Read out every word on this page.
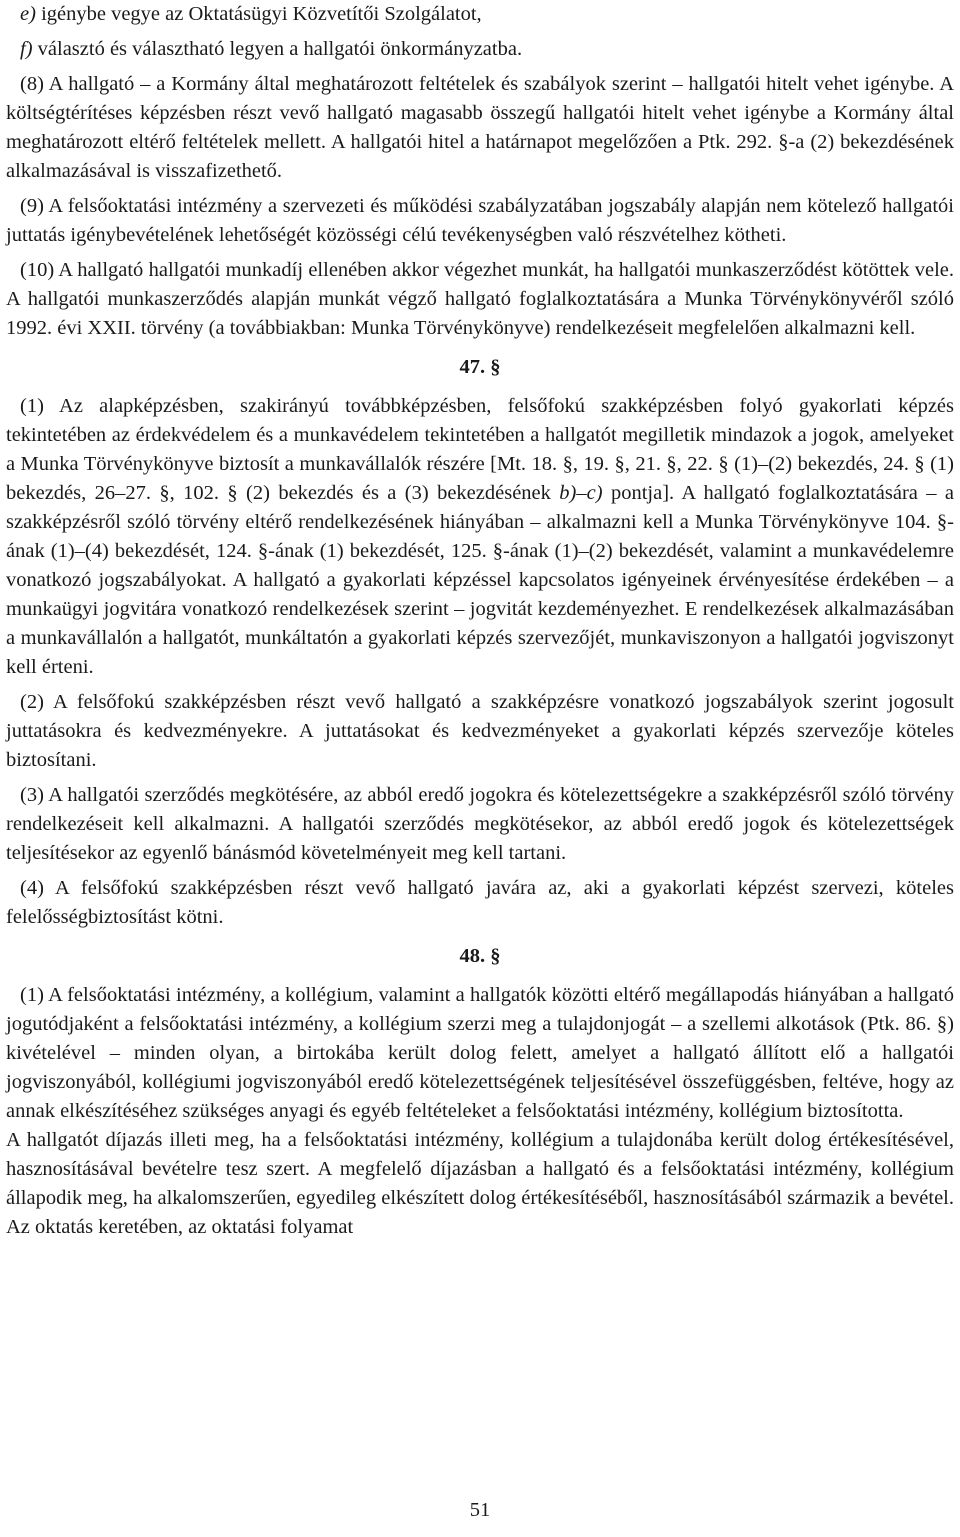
e) igénybe vegye az Oktatásügyi Közvetítői Szolgálatot,

f) választó és választható legyen a hallgatói önkormányzatba.

(8) A hallgató – a Kormány által meghatározott feltételek és szabályok szerint – hallgatói hitelt vehet igénybe. A költségtérítéses képzésben részt vevő hallgató magasabb összegű hallgatói hitelt vehet igénybe a Kormány által meghatározott eltérő feltételek mellett. A hallgatói hitel a határnapot megelőzően a Ptk. 292. §-a (2) bekezdésének alkalmazásával is visszafizethető.

(9) A felsőoktatási intézmény a szervezeti és működési szabályzatában jogszabály alapján nem kötelező hallgatói juttatás igénybevételének lehetőségét közösségi célú tevékenységben való részvételhez kötheti.

(10) A hallgató hallgatói munkadíj ellenében akkor végezhet munkát, ha hallgatói munkaszerződést kötöttek vele. A hallgatói munkaszerződés alapján munkát végző hallgató foglalkoztatására a Munka Törvénykönyvéről szóló 1992. évi XXII. törvény (a továbbiakban: Munka Törvénykönyve) rendelkezéseit megfelelően alkalmazni kell.

47. §

(1) Az alapképzésben, szakirányú továbbképzésben, felsőfokú szakképzésben folyó gyakorlati képzés tekintetében az érdekvédelem és a munkavédelem tekintetében a hallgatót megilletik mindazok a jogok, amelyeket a Munka Törvénykönyve biztosít a munkavállalók részére [Mt. 18. §, 19. §, 21. §, 22. § (1)–(2) bekezdés, 24. § (1) bekezdés, 26–27. §, 102. § (2) bekezdés és a (3) bekezdésének b)–c) pontja]. A hallgató foglalkoztatására – a szakképzésről szóló törvény eltérő rendelkezésének hiányában – alkalmazni kell a Munka Törvénykönyve 104. §-ának (1)–(4) bekezdését, 124. §-ának (1) bekezdését, 125. §-ának (1)–(2) bekezdését, valamint a munkavédelemre vonatkozó jogszabályokat. A hallgató a gyakorlati képzéssel kapcsolatos igényeinek érvényesítése érdekében – a munkaügyi jogvitára vonatkozó rendelkezések szerint – jogvitát kezdeményezhet. E rendelkezések alkalmazásában a munkavállalón a hallgatót, munkáltatón a gyakorlati képzés szervezőjét, munkaviszonyon a hallgatói jogviszonyt kell érteni.

(2) A felsőfokú szakképzésben részt vevő hallgató a szakképzésre vonatkozó jogszabályok szerint jogosult juttatásokra és kedvezményekre. A juttatásokat és kedvezményeket a gyakorlati képzés szervezője köteles biztosítani.

(3) A hallgatói szerződés megkötésére, az abból eredő jogokra és kötelezettségekre a szakképzésről szóló törvény rendelkezéseit kell alkalmazni. A hallgatói szerződés megkötésekor, az abból eredő jogok és kötelezettségek teljesítésekor az egyenlő bánásmód követelményeit meg kell tartani.

(4) A felsőfokú szakképzésben részt vevő hallgató javára az, aki a gyakorlati képzést szervezi, köteles felelősségbiztosítást kötni.

48. §

(1) A felsőoktatási intézmény, a kollégium, valamint a hallgatók közötti eltérő megállapodás hiányában a hallgató jogutódjaként a felsőoktatási intézmény, a kollégium szerzi meg a tulajdonjogát – a szellemi alkotások (Ptk. 86. §) kivételével – minden olyan, a birtokába került dolog felett, amelyet a hallgató állított elő a hallgatói jogviszonyából, kollégiumi jogviszonyából eredő kötelezettségének teljesítésével összefüggésben, feltéve, hogy az annak elkészítéséhez szükséges anyagi és egyéb feltételeket a felsőoktatási intézmény, kollégium biztosította.

A hallgatót díjazás illeti meg, ha a felsőoktatási intézmény, kollégium a tulajdonába került dolog értékesítésével, hasznosításával bevételre tesz szert. A megfelelő díjazásban a hallgató és a felsőoktatási intézmény, kollégium állapodik meg, ha alkalomszerűen, egyedileg elkészített dolog értékesítéséből, hasznosításából származik a bevétel. Az oktatás keretében, az oktatási folyamat

51
